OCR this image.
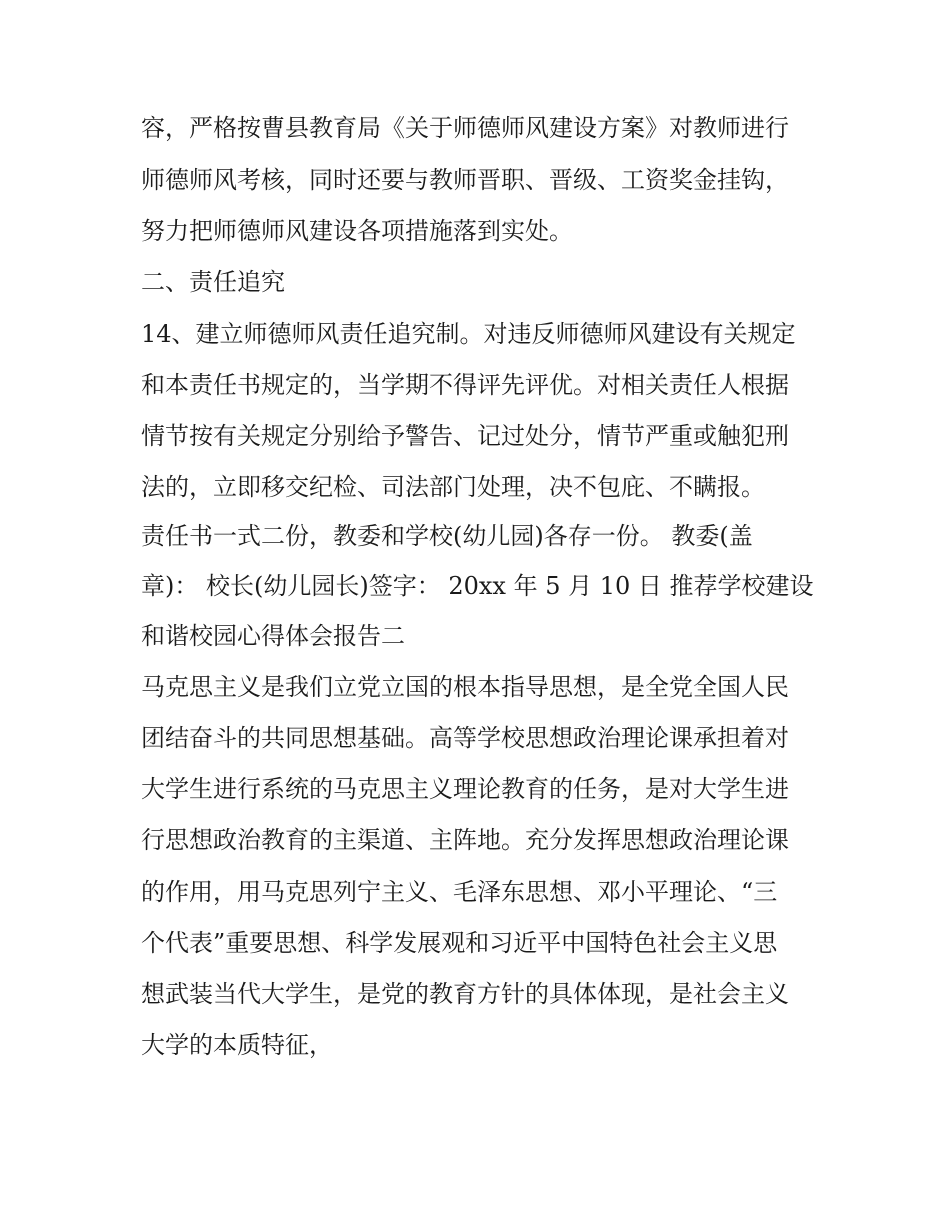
容，严格按曹县教育局《关于师德师风建设方案》对教师进行
师德师风考核，同时还要与教师晋职、晋级、工资奖金挂钩，
努力把师德师风建设各项措施落到实处。
二、责任追究
14、建立师德师风责任追究制。对违反师德师风建设有关规定
和本责任书规定的，当学期不得评先评优。对相关责任人根据
情节按有关规定分别给予警告、记过处分，情节严重或触犯刑
法的，立即移交纪检、司法部门处理，决不包庇、不瞒报。
责任书一式二份，教委和学校(幼儿园)各存一份。 教委(盖
章)： 校长(幼儿园长)签字： 20xx 年 5 月 10 日 推荐学校建设
和谐校园心得体会报告二
马克思主义是我们立党立国的根本指导思想，是全党全国人民
团结奋斗的共同思想基础。高等学校思想政治理论课承担着对
大学生进行系统的马克思主义理论教育的任务，是对大学生进
行思想政治教育的主渠道、主阵地。充分发挥思想政治理论课
的作用，用马克思列宁主义、毛泽东思想、邓小平理论、“三
个代表”重要思想、科学发展观和习近平中国特色社会主义思
想武装当代大学生，是党的教育方针的具体体现，是社会主义
大学的本质特征，
